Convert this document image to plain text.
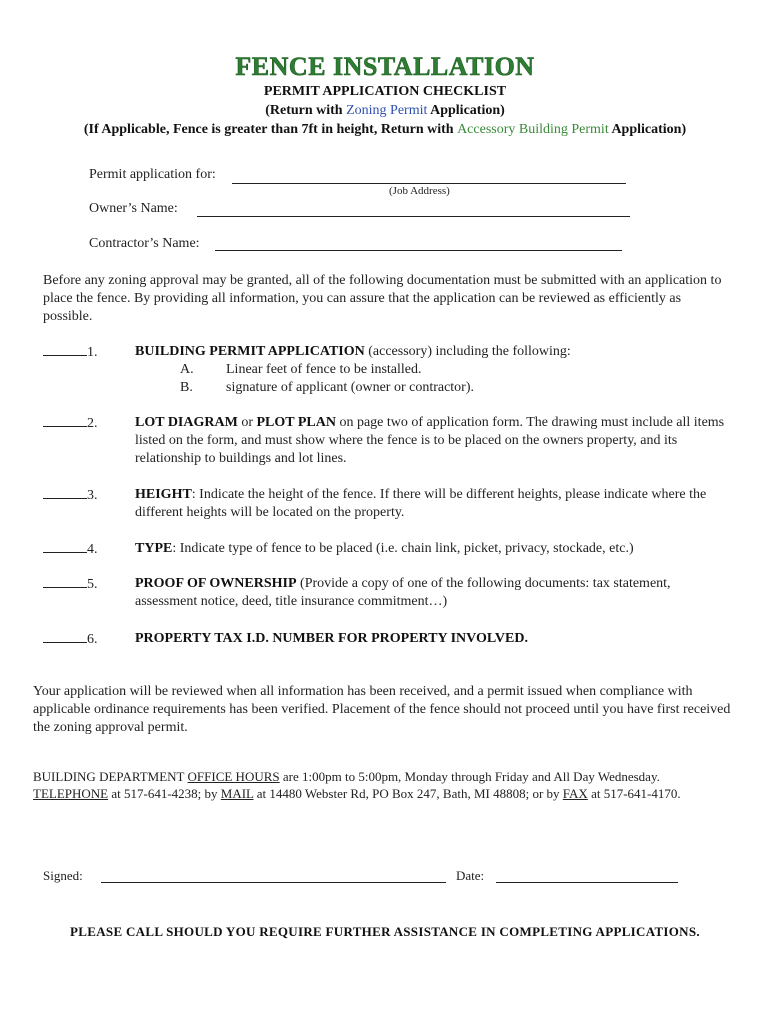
FENCE INSTALLATION
PERMIT APPLICATION CHECKLIST
(Return with Zoning Permit Application)
(If Applicable, Fence is greater than 7ft in height, Return with Accessory Building Permit Application)
Permit application for:
(Job Address)
Owner’s Name:
Contractor’s Name:
Before any zoning approval may be granted, all of the following documentation must be submitted with an application to place the fence. By providing all information, you can assure that the application can be reviewed as efficiently as possible.
1.	BUILDING PERMIT APPLICATION (accessory) including the following:
A. Linear feet of fence to be installed.
B. signature of applicant (owner or contractor).
2.	LOT DIAGRAM or PLOT PLAN on page two of application form. The drawing must include all items listed on the form, and must show where the fence is to be placed on the owners property, and its relationship to buildings and lot lines.
3.	HEIGHT: Indicate the height of the fence. If there will be different heights, please indicate where the different heights will be located on the property.
4.	TYPE: Indicate type of fence to be placed (i.e. chain link, picket, privacy, stockade, etc.)
5.	PROOF OF OWNERSHIP (Provide a copy of one of the following documents: tax statement, assessment notice, deed, title insurance commitment…)
6.	PROPERTY TAX I.D. NUMBER FOR PROPERTY INVOLVED.
Your application will be reviewed when all information has been received, and a permit issued when compliance with applicable ordinance requirements has been verified. Placement of the fence should not proceed until you have first received the zoning approval permit.
BUILDING DEPARTMENT OFFICE HOURS are 1:00pm to 5:00pm, Monday through Friday and All Day Wednesday.
TELEPHONE at 517-641-4238; by MAIL at 14480 Webster Rd, PO Box 247, Bath, MI 48808; or by FAX at 517-641-4170.
Signed:	Date:
PLEASE CALL SHOULD YOU REQUIRE FURTHER ASSISTANCE IN COMPLETING APPLICATIONS.
